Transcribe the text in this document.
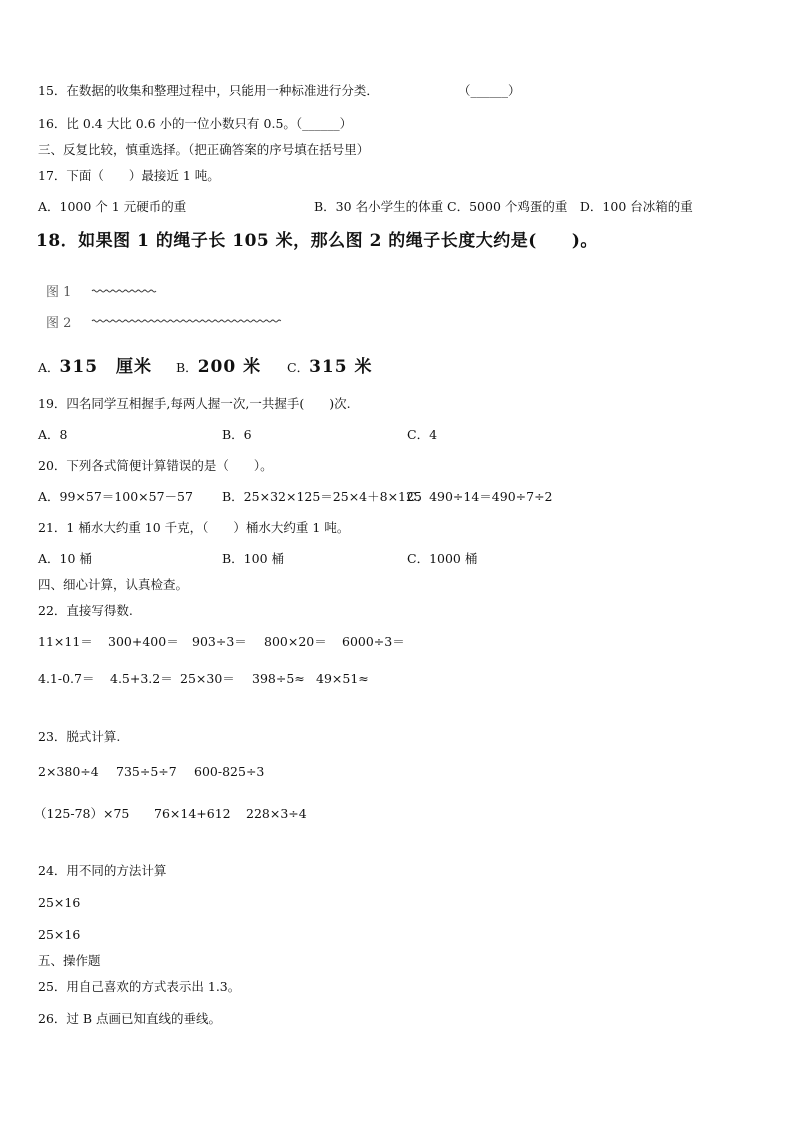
15．在数据的收集和整理过程中，只能用一种标准进行分类．	（______）
16．比 0.4 大比 0.6 小的一位小数只有 0.5。（______）
三、反复比较，慎重选择。（把正确答案的序号填在括号里）
17．下面（　　）最接近 1 吨。
A．1000 个 1 元硬币的重	B．30 名小学生的体重 C．5000 个鸡蛋的重　D．100 台冰箱的重
18．如果图 1 的绳子长 105 米，那么图 2 的绳子长度大约是(　　)。
图 1
图 2
A．315　厘米 B．200 米 C．315 米
19．四名同学互相握手,每两人握一次,一共握手(　　)次.
A．8	B．6	C．4
20．下列各式简便计算错误的是（　　）。
A．99×57＝100×57－57 B．25×32×125＝25×4＋8×125
C．490÷14＝490÷7÷2
21．1 桶水大约重 10 千克，（　　）桶水大约重 1 吨。
A．10 桶	B．100 桶	C．1000 桶
四、细心计算，认真检查。
22．直接写得数.
11×11＝ 300+400＝ 903÷3＝ 800×20＝ 6000÷3＝
4.1-0.7＝ 4.5+3.2＝ 25×30＝ 398÷5≈ 49×51≈
23．脱式计算.
2×380÷4 735÷5÷7 600-825÷3
（125-78）×75 76×14+612 228×3÷4
24．用不同的方法计算
25×16
25×16
五、操作题
25．用自己喜欢的方式表示出 1.3。
26．过 B 点画已知直线的垂线。
